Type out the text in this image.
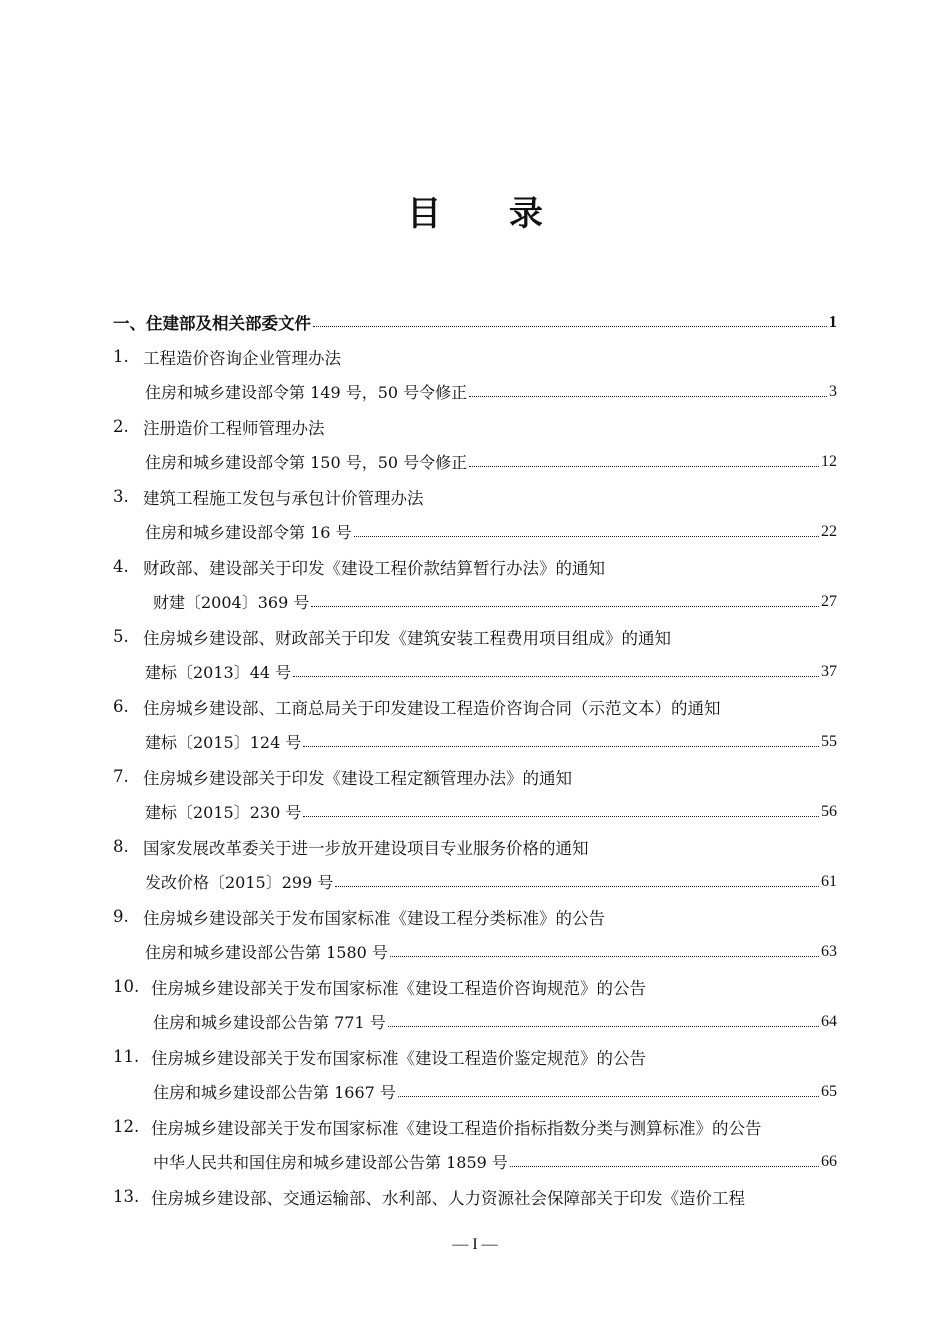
目 录
一、住建部及相关部委文件	1
1. 工程造价咨询企业管理办法
住房和城乡建设部令第 149 号，50 号令修正	3
2. 注册造价工程师管理办法
住房和城乡建设部令第 150 号，50 号令修正	12
3. 建筑工程施工发包与承包计价管理办法
住房和城乡建设部令第 16 号	22
4. 财政部、建设部关于印发《建设工程价款结算暂行办法》的通知
财建〔2004〕369 号	27
5. 住房城乡建设部、财政部关于印发《建筑安装工程费用项目组成》的通知
建标〔2013〕44 号	37
6. 住房城乡建设部、工商总局关于印发建设工程造价咨询合同（示范文本）的通知
建标〔2015〕124 号	55
7. 住房城乡建设部关于印发《建设工程定额管理办法》的通知
建标〔2015〕230 号	56
8. 国家发展改革委关于进一步放开建设项目专业服务价格的通知
发改价格〔2015〕299 号	61
9. 住房城乡建设部关于发布国家标准《建设工程分类标准》的公告
住房和城乡建设部公告第 1580 号	63
10. 住房城乡建设部关于发布国家标准《建设工程造价咨询规范》的公告
住房和城乡建设部公告第 771 号	64
11. 住房城乡建设部关于发布国家标准《建设工程造价鉴定规范》的公告
住房和城乡建设部公告第 1667 号	65
12. 住房城乡建设部关于发布国家标准《建设工程造价指标指数分类与测算标准》的公告
中华人民共和国住房和城乡建设部公告第 1859 号	66
13. 住房城乡建设部、交通运输部、水利部、人力资源社会保障部关于印发《造价工程
— I —
